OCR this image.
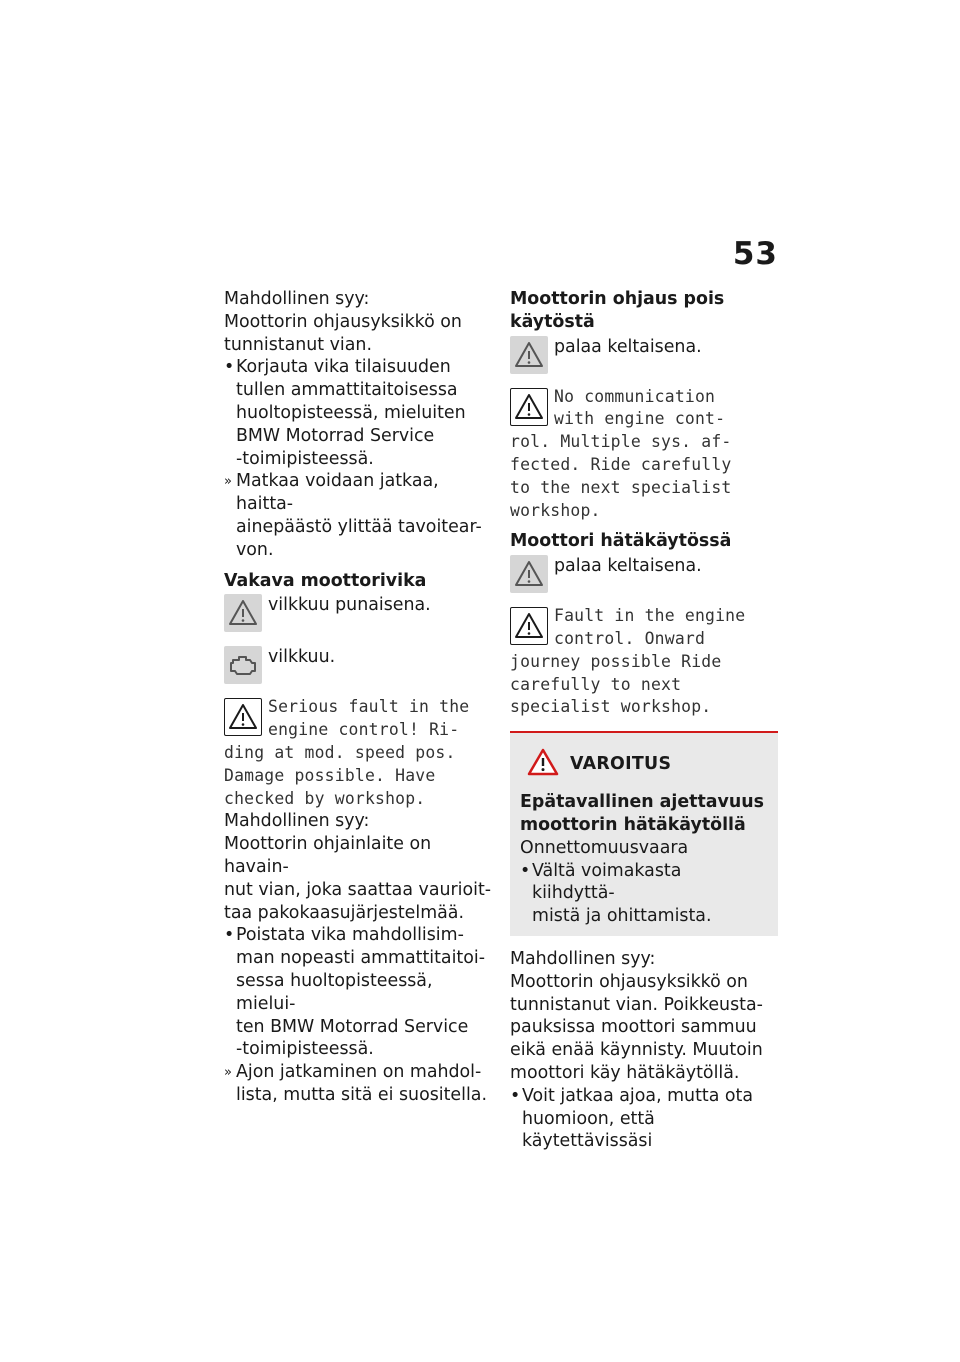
53

Mahdollinen syy:

Moottorin ohjausyksikkö on
tunnistanut vian.

• Korjauta vika tilaisuuden
tullen ammattitaitoisessa
huoltopisteessä, mieluiten
BMW Motorrad Service
-toimipisteessä.
» Matkaa voidaan jatkaa, haitta-
ainepäästö ylittää tavoitear-
von.

Vakava moottorivika

vilkkuu punaisena.
vilkkuu.
Serious fault in the
engine control! Ri-
ding at mod. speed pos.
Damage possible. Have
checked by workshop.

Mahdollinen syy:

Moottorin ohjainlaite on havain-
nut vian, joka saattaa vaurioit-
taa pakokaasujärjestelmää.

• Poistata vika mahdollisim-
man nopeasti ammattitaitoi-
sessa huoltopisteessä, mielui-
ten BMW Motorrad Service
-toimipisteessä.
» Ajon jatkaminen on mahdol-
lista, mutta sitä ei suositella.

Moottorin ohjaus pois
käytöstä

palaa keltaisena.
No communication
with engine cont-
rol. Multiple sys. af-
fected. Ride carefully
to the next specialist
workshop.

Moottori hätäkäytössä

palaa keltaisena.
Fault in the engine
control. Onward
journey possible Ride
carefully to next
specialist workshop.
VAROITUS

Epätavallinen ajettavuus
moottorin hätäkäytöllä

Onnettomuusvaara

• Vältä voimakasta kiihdyttä-
mistä ja ohittamista.

Mahdollinen syy:

Moottorin ohjausyksikkö on
tunnistanut vian. Poikkeusta-
pauksissa moottori sammuu
eikä enää käynnisty. Muutoin
moottori käy hätäkäytöllä.

• Voit jatkaa ajoa, mutta ota
huomioon, että käytettävissäsi
